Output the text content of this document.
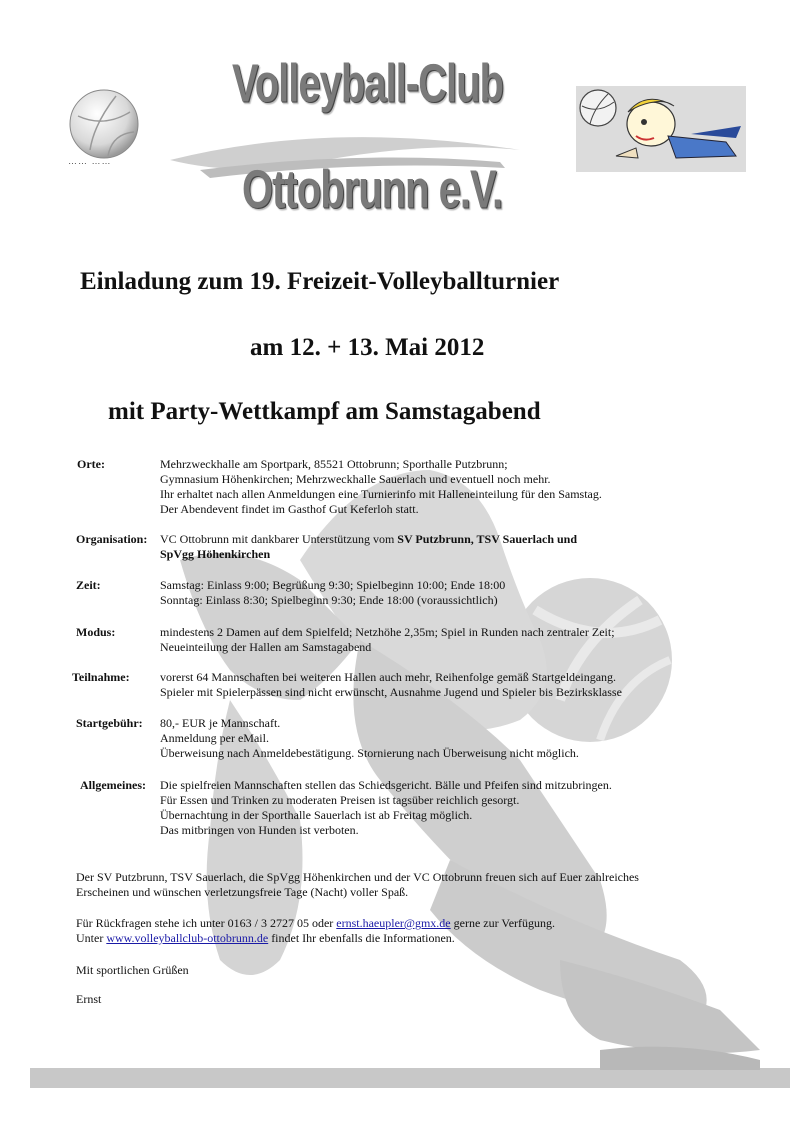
…… ……
Volleyball-Club
Ottobrunn e.V.
Einladung zum 19. Freizeit-Volleyballturnier
am 12. + 13. Mai 2012
mit Party-Wettkampf am Samstagabend
Orte:	Mehrzweckhalle am Sportpark, 85521 Ottobrunn; Sporthalle Putzbrunn;
Gymnasium Höhenkirchen; Mehrzweckhalle Sauerlach und eventuell noch mehr.
Ihr erhaltet nach allen Anmeldungen eine Turnierinfo mit Halleneinteilung für den Samstag.
Der Abendevent findet im Gasthof Gut Keferloh statt.
Organisation: VC Ottobrunn mit dankbarer Unterstützung vom SV Putzbrunn, TSV Sauerlach und
SpVgg Höhenkirchen
Zeit:	Samstag: Einlass 9:00; Begrüßung 9:30; Spielbeginn 10:00; Ende 18:00
Sonntag: Einlass 8:30; Spielbeginn 9:30; Ende 18:00 (voraussichtlich)
Modus:	mindestens 2 Damen auf dem Spielfeld; Netzhöhe 2,35m; Spiel in Runden nach zentraler Zeit;
Neueinteilung der Hallen am Samstagabend
Teilnahme:	vorerst 64 Mannschaften bei weiteren Hallen auch mehr, Reihenfolge gemäß Startgeldeingang.
Spieler mit Spielerpässen sind nicht erwünscht, Ausnahme Jugend und Spieler bis Bezirksklasse
Startgebühr: 80,- EUR je Mannschaft.
Anmeldung per eMail.
Überweisung nach Anmeldebestätigung. Stornierung nach Überweisung nicht möglich.
Allgemeines: Die spielfreien Mannschaften stellen das Schiedsgericht. Bälle und Pfeifen sind mitzubringen.
Für Essen und Trinken zu moderaten Preisen ist tagsüber reichlich gesorgt.
Übernachtung in der Sporthalle Sauerlach ist ab Freitag möglich.
Das mitbringen von Hunden ist verboten.
Der SV Putzbrunn, TSV Sauerlach, die SpVgg Höhenkirchen und der VC Ottobrunn freuen sich auf Euer zahlreiches
Erscheinen und wünschen verletzungsfreie Tage (Nacht) voller Spaß.
Für Rückfragen stehe ich unter 0163 / 3 2727 05 oder ernst.haeupler@gmx.de gerne zur Verfügung.
Unter www.volleyballclub-ottobrunn.de findet Ihr ebenfalls die Informationen.
Mit sportlichen Grüßen
Ernst
